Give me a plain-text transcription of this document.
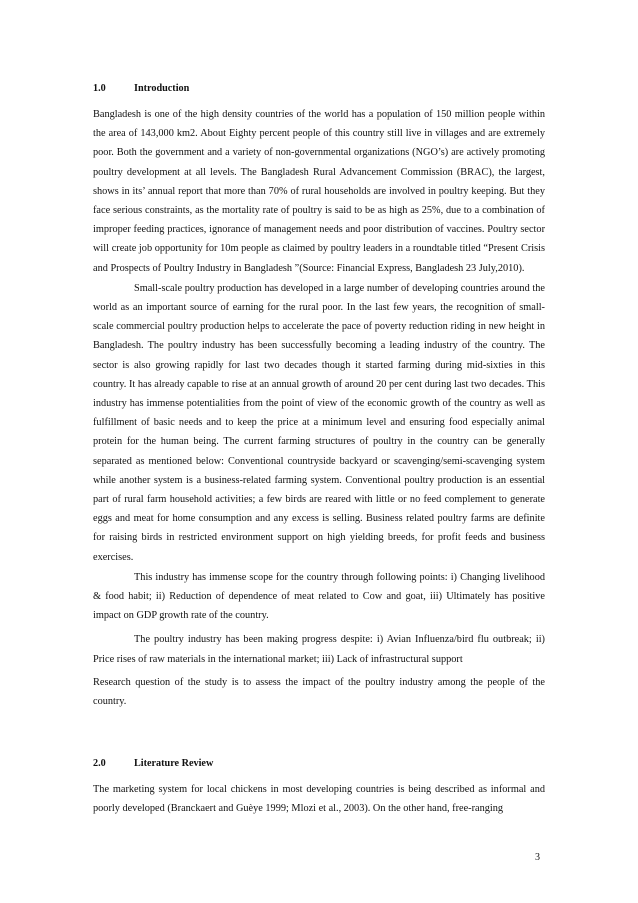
1.0	Introduction

Bangladesh is one of the high density countries of the world has a population of 150 million people within the area of 143,000 km2. About Eighty percent people of this country still live in villages and are extremely poor. Both the government and a variety of non-governmental organizations (NGO’s) are actively promoting poultry development at all levels. The Bangladesh Rural Advancement Commission (BRAC), the largest, shows in its’ annual report that more than 70% of rural households are involved in poultry keeping. But they face serious constraints, as the mortality rate of poultry is said to be as high as 25%, due to a combination of improper feeding practices, ignorance of management needs and poor distribution of vaccines. Poultry sector will create job opportunity for 10m people as claimed by poultry leaders in a roundtable titled “Present Crisis and Prospects of Poultry Industry in Bangladesh ”(Source: Financial Express, Bangladesh 23 July,2010).

Small-scale poultry production has developed in a large number of developing countries around the world as an important source of earning for the rural poor. In the last few years, the recognition of small-scale commercial poultry production helps to accelerate the pace of poverty reduction riding in new height in Bangladesh. The poultry industry has been successfully becoming a leading industry of the country. The sector is also growing rapidly for last two decades though it started farming during mid-sixties in this country. It has already capable to rise at an annual growth of around 20 per cent during last two decades. This industry has immense potentialities from the point of view of the economic growth of the country as well as fulfillment of basic needs and to keep the price at a minimum level and ensuring food especially animal protein for the human being. The current farming structures of poultry in the country can be generally separated as mentioned below: Conventional countryside backyard or scavenging/semi-scavenging system while another system is a business-related farming system. Conventional poultry production is an essential part of rural farm household activities; a few birds are reared with little or no feed complement to generate eggs and meat for home consumption and any excess is selling. Business related poultry farms are definite for raising birds in restricted environment support on high yielding breeds, for profit feeds and business exercises.

This industry has immense scope for the country through following points: i) Changing livelihood & food habit; ii) Reduction of dependence of meat related to Cow and goat, iii) Ultimately has positive impact on GDP growth rate of the country.

The poultry industry has been making progress despite: i) Avian Influenza/bird flu outbreak; ii) Price rises of raw materials in the international market; iii) Lack of infrastructural support

Research question of the study is to assess the impact of the poultry industry among the people of the country.

2.0	Literature Review

The marketing system for local chickens in most developing countries is being described as informal and poorly developed (Branckaert and Guèye 1999; Mlozi et al., 2003). On the other hand, free-ranging

3
